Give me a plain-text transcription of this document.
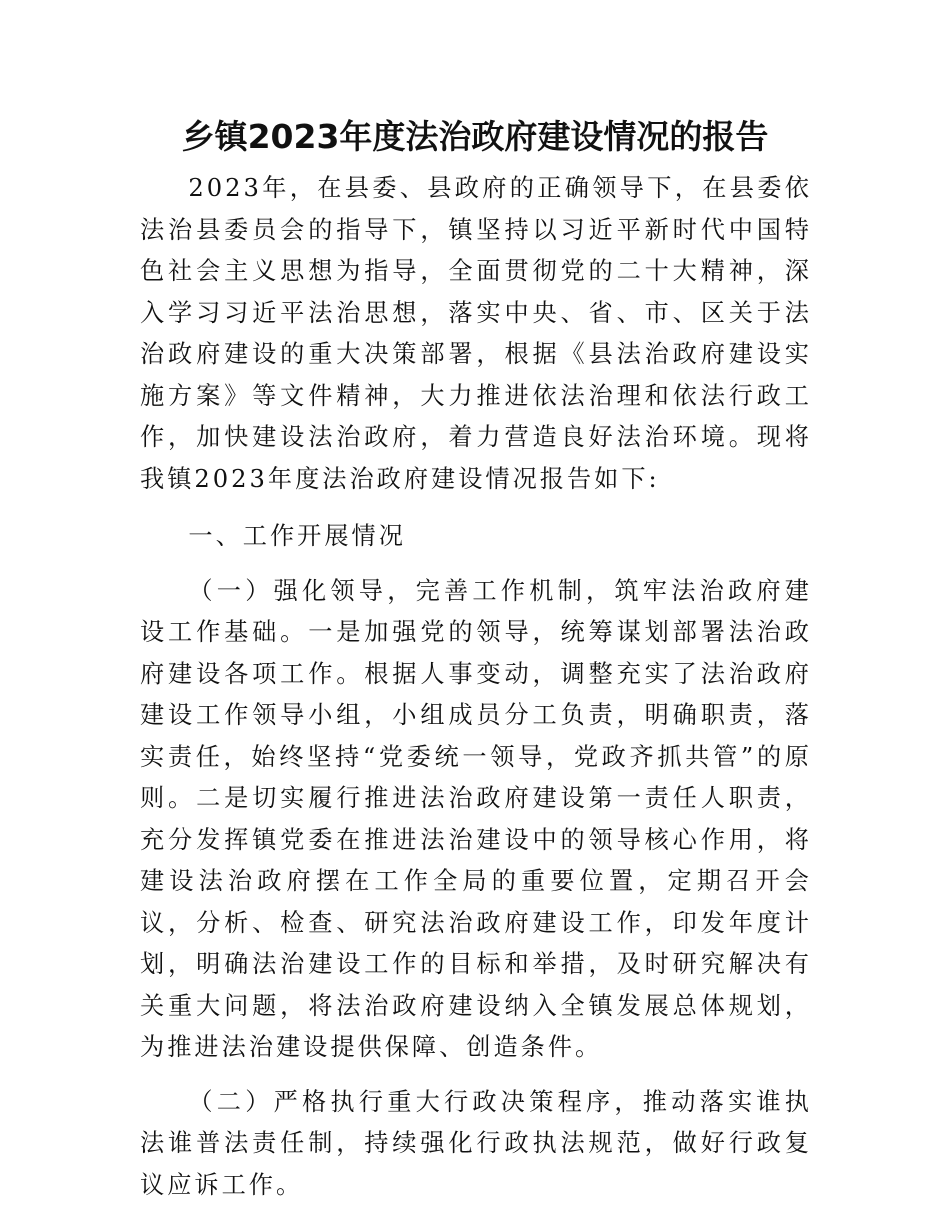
乡镇2023年度法治政府建设情况的报告

2023年，在县委、县政府的正确领导下，在县委依法治县委员会的指导下，镇坚持以习近平新时代中国特色社会主义思想为指导，全面贯彻党的二十大精神，深入学习习近平法治思想，落实中央、省、市、区关于法治政府建设的重大决策部署，根据《县法治政府建设实施方案》等文件精神，大力推进依法治理和依法行政工作，加快建设法治政府，着力营造良好法治环境。现将我镇2023年度法治政府建设情况报告如下:

一、工作开展情况

（一）强化领导，完善工作机制，筑牢法治政府建设工作基础。一是加强党的领导，统筹谋划部署法治政府建设各项工作。根据人事变动，调整充实了法治政府建设工作领导小组，小组成员分工负责，明确职责，落实责任，始终坚持“党委统一领导，党政齐抓共管”的原则。二是切实履行推进法治政府建设第一责任人职责，充分发挥镇党委在推进法治建设中的领导核心作用，将建设法治政府摆在工作全局的重要位置，定期召开会议，分析、检查、研究法治政府建设工作，印发年度计划，明确法治建设工作的目标和举措，及时研究解决有关重大问题，将法治政府建设纳入全镇发展总体规划，为推进法治建设提供保障、创造条件。

（二）严格执行重大行政决策程序，推动落实谁执法谁普法责任制，持续强化行政执法规范，做好行政复议应诉工作。
